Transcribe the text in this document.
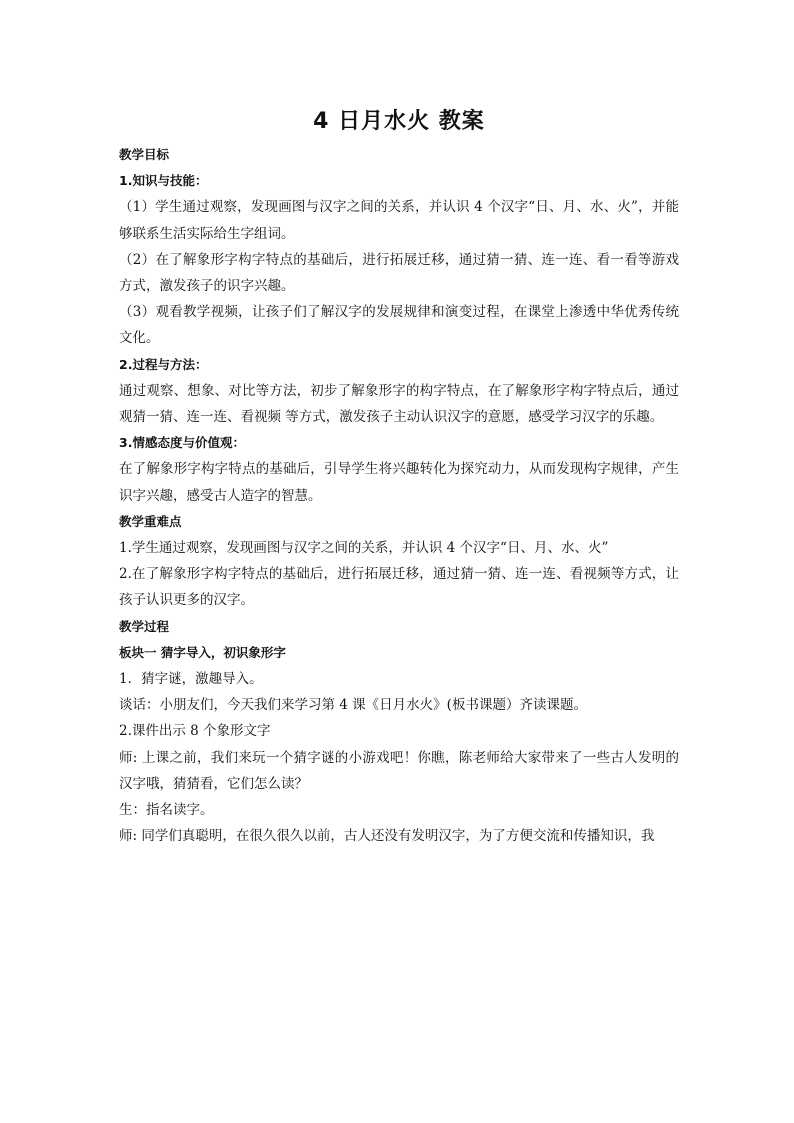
4 日月水火 教案

教学目标

1.知识与技能：

（1）学生通过观察，发现画图与汉字之间的关系，并认识 4 个汉字“日、月、水、火”，并能够联系生活实际给生字组词。

（2）在了解象形字构字特点的基础后，进行拓展迁移，通过猜一猜、连一连、看一看等游戏方式，激发孩子的识字兴趣。

（3）观看教学视频，让孩子们了解汉字的发展规律和演变过程，在课堂上渗透中华优秀传统文化。

2.过程与方法：

通过观察、想象、对比等方法，初步了解象形字的构字特点，在了解象形字构字特点后，通过观猜一猜、连一连、看视频 等方式，激发孩子主动认识汉字的意愿，感受学习汉字的乐趣。

3.情感态度与价值观：

在了解象形字构字特点的基础后，引导学生将兴趣转化为探究动力，从而发现构字规律，产生识字兴趣，感受古人造字的智慧。

教学重难点

1.学生通过观察，发现画图与汉字之间的关系，并认识 4 个汉字“日、月、水、火”

2.在了解象形字构字特点的基础后，进行拓展迁移，通过猜一猜、连一连、看视频等方式，让孩子认识更多的汉字。

教学过程

板块一 猜字导入，初识象形字

1．猜字谜，激趣导入。

谈话：小朋友们，今天我们来学习第 4 课《日月水火》(板书课题）齐读课题。

2.课件出示 8 个象形文字

师: 上课之前，我们来玩一个猜字谜的小游戏吧！你瞧，陈老师给大家带来了一些古人发明的汉字哦，猜猜看，它们怎么读？

生：指名读字。

师: 同学们真聪明，在很久很久以前，古人还没有发明汉字，为了方便交流和传播知识，我
